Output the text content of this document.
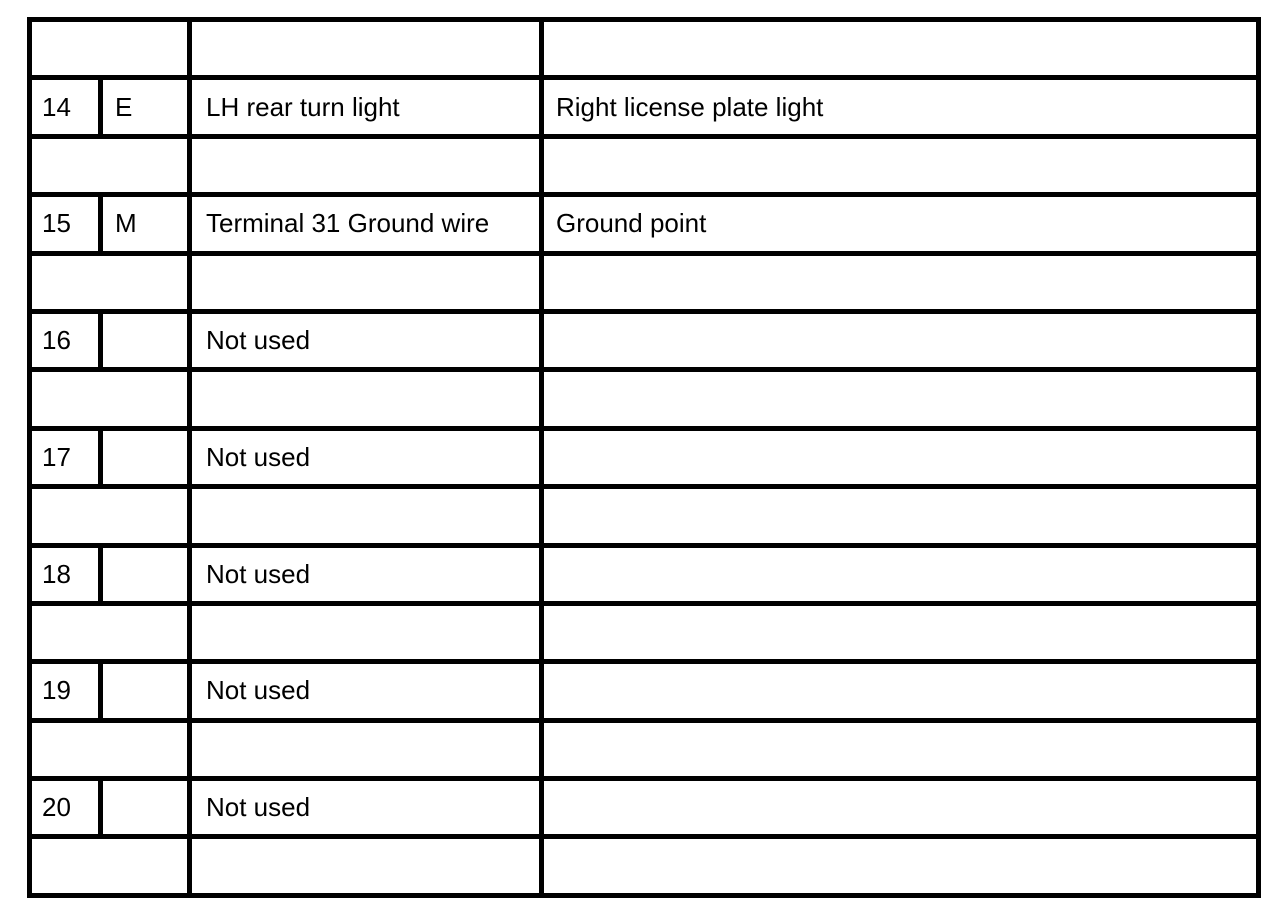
14	E	LH rear turn light	Right license plate light

15	M	Terminal 31 Ground wire	Ground point

16		Not used	

17		Not used	

18		Not used	

19		Not used	

20		Not used	
